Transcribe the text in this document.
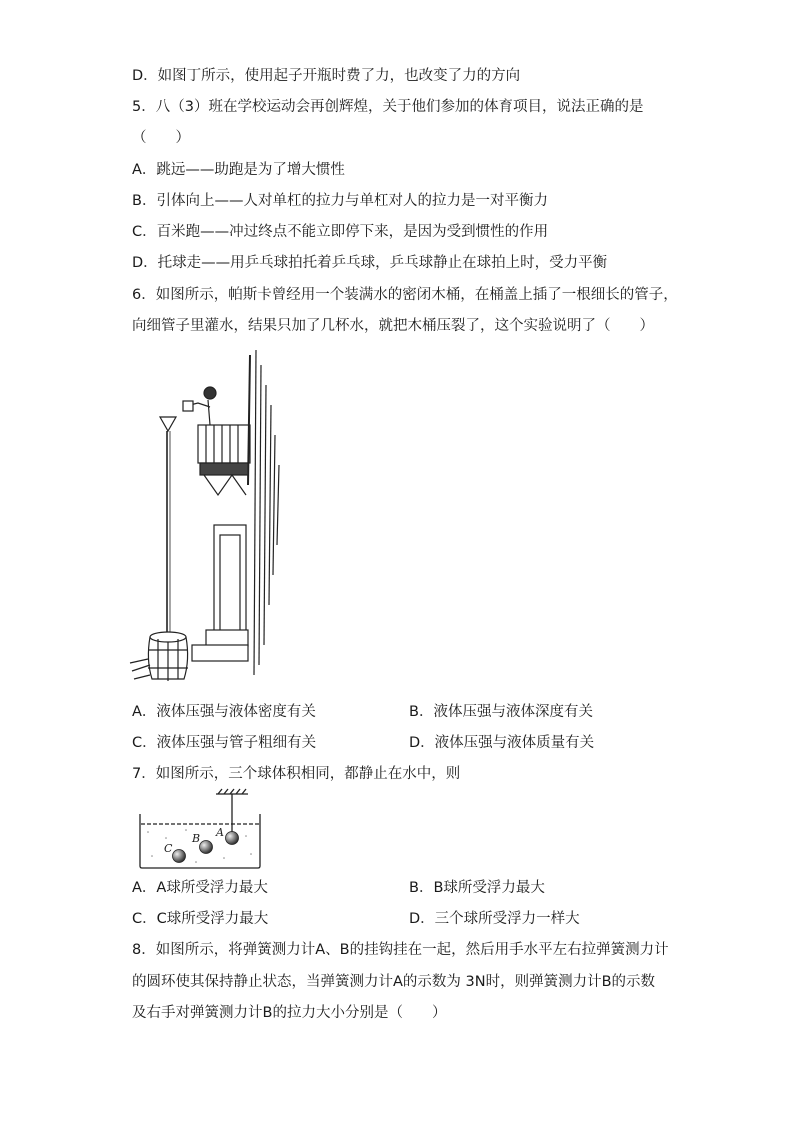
D．如图丁所示，使用起子开瓶时费了力，也改变了力的方向
5．八（3）班在学校运动会再创辉煌，关于他们参加的体育项目，说法正确的是
（　　）
A．跳远——助跑是为了增大惯性
B．引体向上——人对单杠的拉力与单杠对人的拉力是一对平衡力
C．百米跑——冲过终点不能立即停下来，是因为受到惯性的作用
D．托球走——用乒乓球拍托着乒乓球，乒乓球静止在球拍上时，受力平衡
6．如图所示，帕斯卡曾经用一个装满水的密闭木桶，在桶盖上插了一根细长的管子，
向细管子里灌水，结果只加了几杯水，就把木桶压裂了，这个实验说明了（　　）
A．液体压强与液体密度有关	B．液体压强与液体深度有关
C．液体压强与管子粗细有关	D．液体压强与液体质量有关
7．如图所示，三个球体积相同，都静止在水中，则
A
B
C
A．A球所受浮力最大	B．B球所受浮力最大
C．C球所受浮力最大	D．三个球所受浮力一样大
8．如图所示，将弹簧测力计A、B的挂钩挂在一起，然后用手水平左右拉弹簧测力计
的圆环使其保持静止状态，当弹簧测力计A的示数为 3N时，则弹簧测力计B的示数
及右手对弹簧测力计B的拉力大小分别是（　　）
